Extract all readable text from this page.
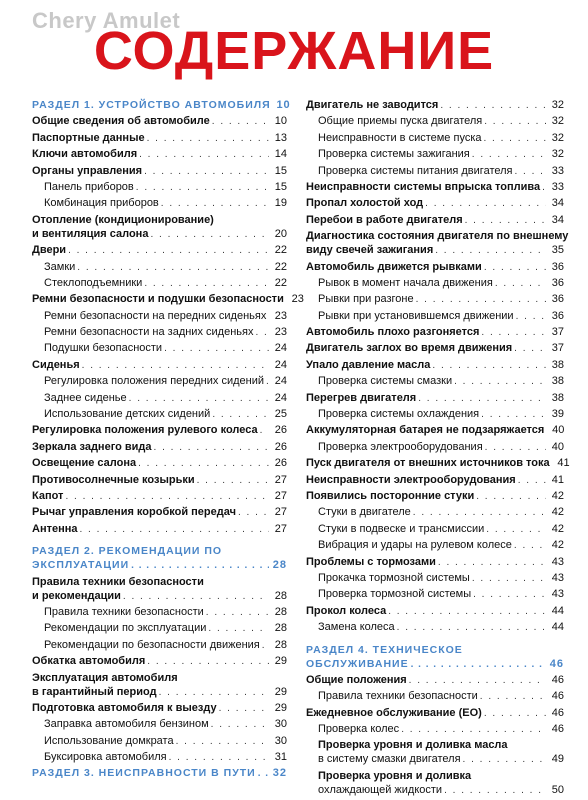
Chery Amulet
СОДЕРЖАНИЕ
РАЗДЕЛ 1. УСТРОЙСТВО АВТОМОБИЛЯ 10
Общие сведения об автомобиле . . .	10
Паспортные данные . . .	13
Ключи автомобиля . . .	14
Органы управления . . .	15
Панель приборов . . .	15
Комбинация приборов . . .	19
Отопление (кондиционирование)
и вентиляция салона . . .	20
Двери . . .	22
Замки . . .	22
Стеклоподъемники . . .	22
Ремни безопасности и подушки безопасности 23
Ремни безопасности на передних сиденьях . . . 23
Ремни безопасности на задних сиденьях . . .	23
Подушки безопасности . . .	24
Сиденья . . .	24
Регулировка положения передних сидений . . . 24
Заднее сиденье . . .	24
Использование детских сидений . . .	25
Регулировка положения рулевого колеса . . .	26
Зеркала заднего вида . . .	26
Освещение салона . . .	26
Противосолнечные козырьки . . .	27
Капот . . .	27
Рычаг управления коробкой передач . . .	27
Антенна . . .	27
РАЗДЕЛ 2. РЕКОМЕНДАЦИИ ПО
ЭКСПЛУАТАЦИИ . . .	28
Правила техники безопасности
и рекомендации . . .	28
Правила техники безопасности . . .	28
Рекомендации по эксплуатации . . .	28
Рекомендации по безопасности движения . . .	28
Обкатка автомобиля . . .	29
Эксплуатация автомобиля
в гарантийный период . . .	29
Подготовка автомобиля к выезду . . .	29
Заправка автомобиля бензином . . .	30
Использование домкрата . . .	30
Буксировка автомобиля . . .	31
РАЗДЕЛ 3. НЕИСПРАВНОСТИ В ПУТИ . . . 32
Двигатель не заводится . . .	32
Общие приемы пуска двигателя . . .	32
Неисправности в системе пуска . . .	32
Проверка системы зажигания . . .	32
Проверка системы питания двигателя . . .	33
Неисправности системы впрыска топлива . . .	33
Пропал холостой ход . . .	34
Перебои в работе двигателя . . .	34
Диагностика состояния двигателя по внешнему
виду свечей зажигания . . .	35
Автомобиль движется рывками . . .	36
Рывок в момент начала движения . . .	36
Рывки при разгоне . . .	36
Рывки при установившемся движении . . .	36
Автомобиль плохо разгоняется . . .	37
Двигатель заглох во время движения . . .	37
Упало давление масла . . .	38
Проверка системы смазки . . .	38
Перегрев двигателя . . .	38
Проверка системы охлаждения . . .	39
Аккумуляторная батарея не подзаряжается 40
Проверка электрооборудования . . .	40
Пуск двигателя от внешних источников тока 41
Неисправности электрооборудования . . .	41
Появились посторонние стуки . . .	42
Стуки в двигателе . . .	42
Стуки в подвеске и трансмиссии . . .	42
Вибрация и удары на рулевом колесе . . .	42
Проблемы с тормозами . . .	43
Прокачка тормозной системы . . .	43
Проверка тормозной системы . . .	43
Прокол колеса . . .	44
Замена колеса . . .	44
РАЗДЕЛ 4. ТЕХНИЧЕСКОЕ
ОБСЛУЖИВАНИЕ . . .	46
Общие положения . . .	46
Правила техники безопасности . . .	46
Ежедневное обслуживание (ЕО) . . .	46
Проверка колес . . .	46
Проверка уровня и доливка масла
в систему смазки двигателя . . .	49
Проверка уровня и доливка
охлаждающей жидкости . . .	50
